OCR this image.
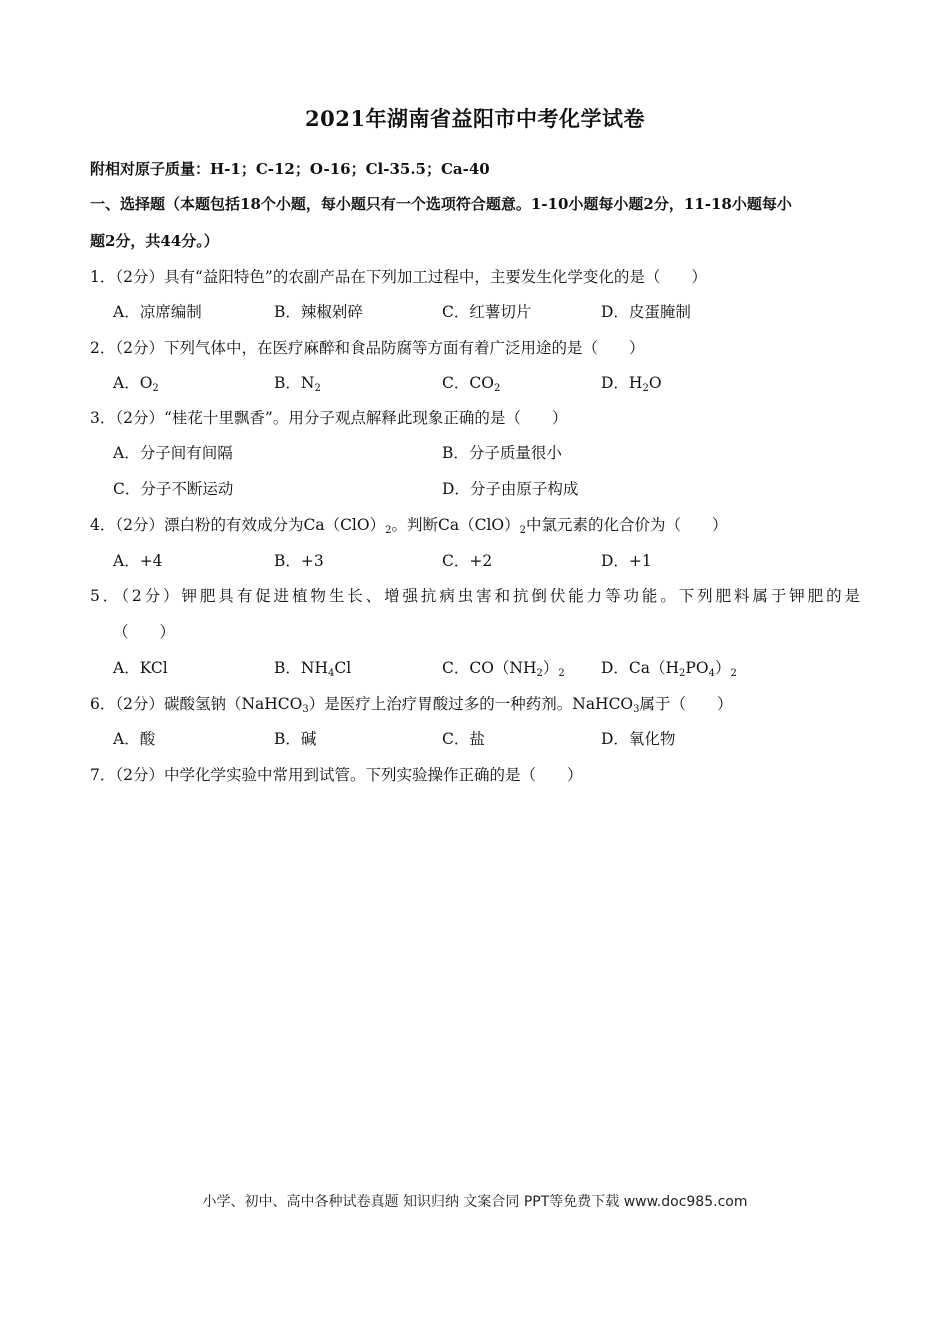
2021年湖南省益阳市中考化学试卷
附相对原子质量：H-1；C-12；O-16；Cl-35.5；Ca-40
一、选择题（本题包括18个小题，每小题只有一个选项符合题意。1-10小题每小题2分，11-18小题每小
题2分，共44分。）
1．（2分）具有“益阳特色”的农副产品在下列加工过程中，主要发生化学变化的是（　　）
A．凉席编制	B．辣椒剁碎	C．红薯切片	D．皮蛋腌制
2．（2分）下列气体中，在医疗麻醉和食品防腐等方面有着广泛用途的是（　　）
A．$O_2$	B．$N_2$	C．$CO_2$	D．$H_2O$
3．（2分）“桂花十里飘香”。用分子观点解释此现象正确的是（　　）
A．分子间有间隔	B．分子质量很小
C．分子不断运动	D．分子由原子构成
4．（2分）漂白粉的有效成分为$Ca(ClO)_2$。判断$Ca(ClO)_2$中氯元素的化合价为（　　）
A．+4	B．+3	C．+2	D．+1
5．（2分）钾肥具有促进植物生长、增强抗病虫害和抗倒伏能力等功能。下列肥料属于钾肥的是
（　　）
A．KCl	B．$NH_4Cl$	C．$CO(NH_2)_2$ D．$Ca(H_2PO_4)_2$
6．（2分）碳酸氢钠（NaHCO$_3$）是医疗上治疗胃酸过多的一种药剂。NaHCO$_3$属于（　　）
A．酸	B．碱	C．盐	D．氧化物
7．（2分）中学化学实验中常用到试管。下列实验操作正确的是（　　）
小学、初中、高中各种试卷真题 知识归纳 文案合同 PPT等免费下载 www.doc985.com
